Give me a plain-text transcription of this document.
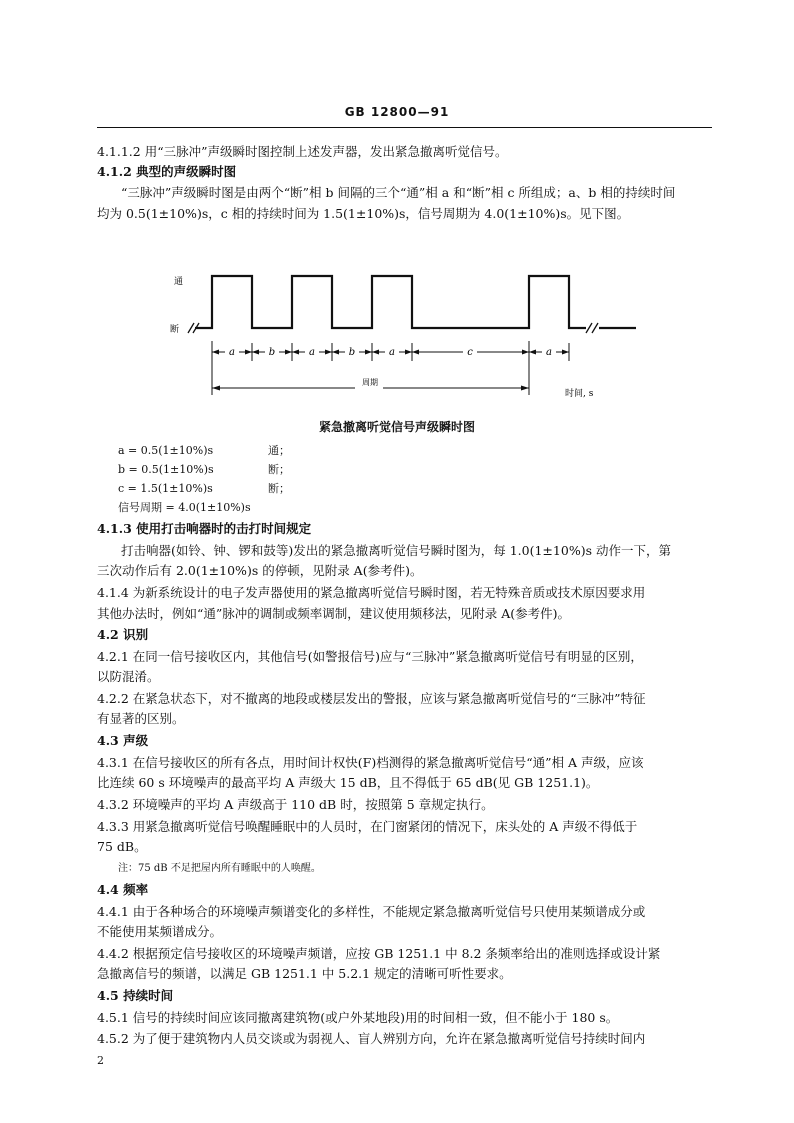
GB 12800—91
4.1.1.2 用“三脉冲”声级瞬时图控制上述发声器，发出紧急撤离听觉信号。
4.1.2 典型的声级瞬时图
“三脉冲”声级瞬时图是由两个“断”相 b 间隔的三个“通”相 a 和“断”相 c 所组成；a、b 相的持续时间
均为 0.5(1±10%)s，c 相的持续时间为 1.5(1±10%)s，信号周期为 4.0(1±10%)s。见下图。
通
断
a	b	a	b	a	c	a
周期
时间, s
紧急撤离听觉信号声级瞬时图
a = 0.5(1±10%)s	通；
b = 0.5(1±10%)s	断；
c = 1.5(1±10%)s	断；
信号周期 = 4.0(1±10%)s
4.1.3 使用打击响器时的击打时间规定
打击响器(如铃、钟、锣和鼓等)发出的紧急撤离听觉信号瞬时图为，每 1.0(1±10%)s 动作一下，第
三次动作后有 2.0(1±10%)s 的停顿，见附录 A(参考件)。
4.1.4 为新系统设计的电子发声器使用的紧急撤离听觉信号瞬时图，若无特殊音质或技术原因要求用
其他办法时，例如“通”脉冲的调制或频率调制，建议使用频移法，见附录 A(参考件)。
4.2 识别
4.2.1 在同一信号接收区内，其他信号(如警报信号)应与“三脉冲”紧急撤离听觉信号有明显的区别，
以防混淆。
4.2.2 在紧急状态下，对不撤离的地段或楼层发出的警报，应该与紧急撤离听觉信号的“三脉冲”特征
有显著的区别。
4.3 声级
4.3.1 在信号接收区的所有各点，用时间计权快(F)档测得的紧急撤离听觉信号“通”相 A 声级，应该
比连续 60 s 环境噪声的最高平均 A 声级大 15 dB，且不得低于 65 dB(见 GB 1251.1)。
4.3.2 环境噪声的平均 A 声级高于 110 dB 时，按照第 5 章规定执行。
4.3.3 用紧急撤离听觉信号唤醒睡眠中的人员时，在门窗紧闭的情况下，床头处的 A 声级不得低于
75 dB。
注：75 dB 不足把屋内所有睡眠中的人唤醒。
4.4 频率
4.4.1 由于各种场合的环境噪声频谱变化的多样性，不能规定紧急撤离听觉信号只使用某频谱成分或
不能使用某频谱成分。
4.4.2 根据预定信号接收区的环境噪声频谱，应按 GB 1251.1 中 8.2 条频率给出的准则选择或设计紧
急撤离信号的频谱，以满足 GB 1251.1 中 5.2.1 规定的清晰可听性要求。
4.5 持续时间
4.5.1 信号的持续时间应该同撤离建筑物(或户外某地段)用的时间相一致，但不能小于 180 s。
4.5.2 为了便于建筑物内人员交谈或为弱视人、盲人辨别方向，允许在紧急撤离听觉信号持续时间内
2
